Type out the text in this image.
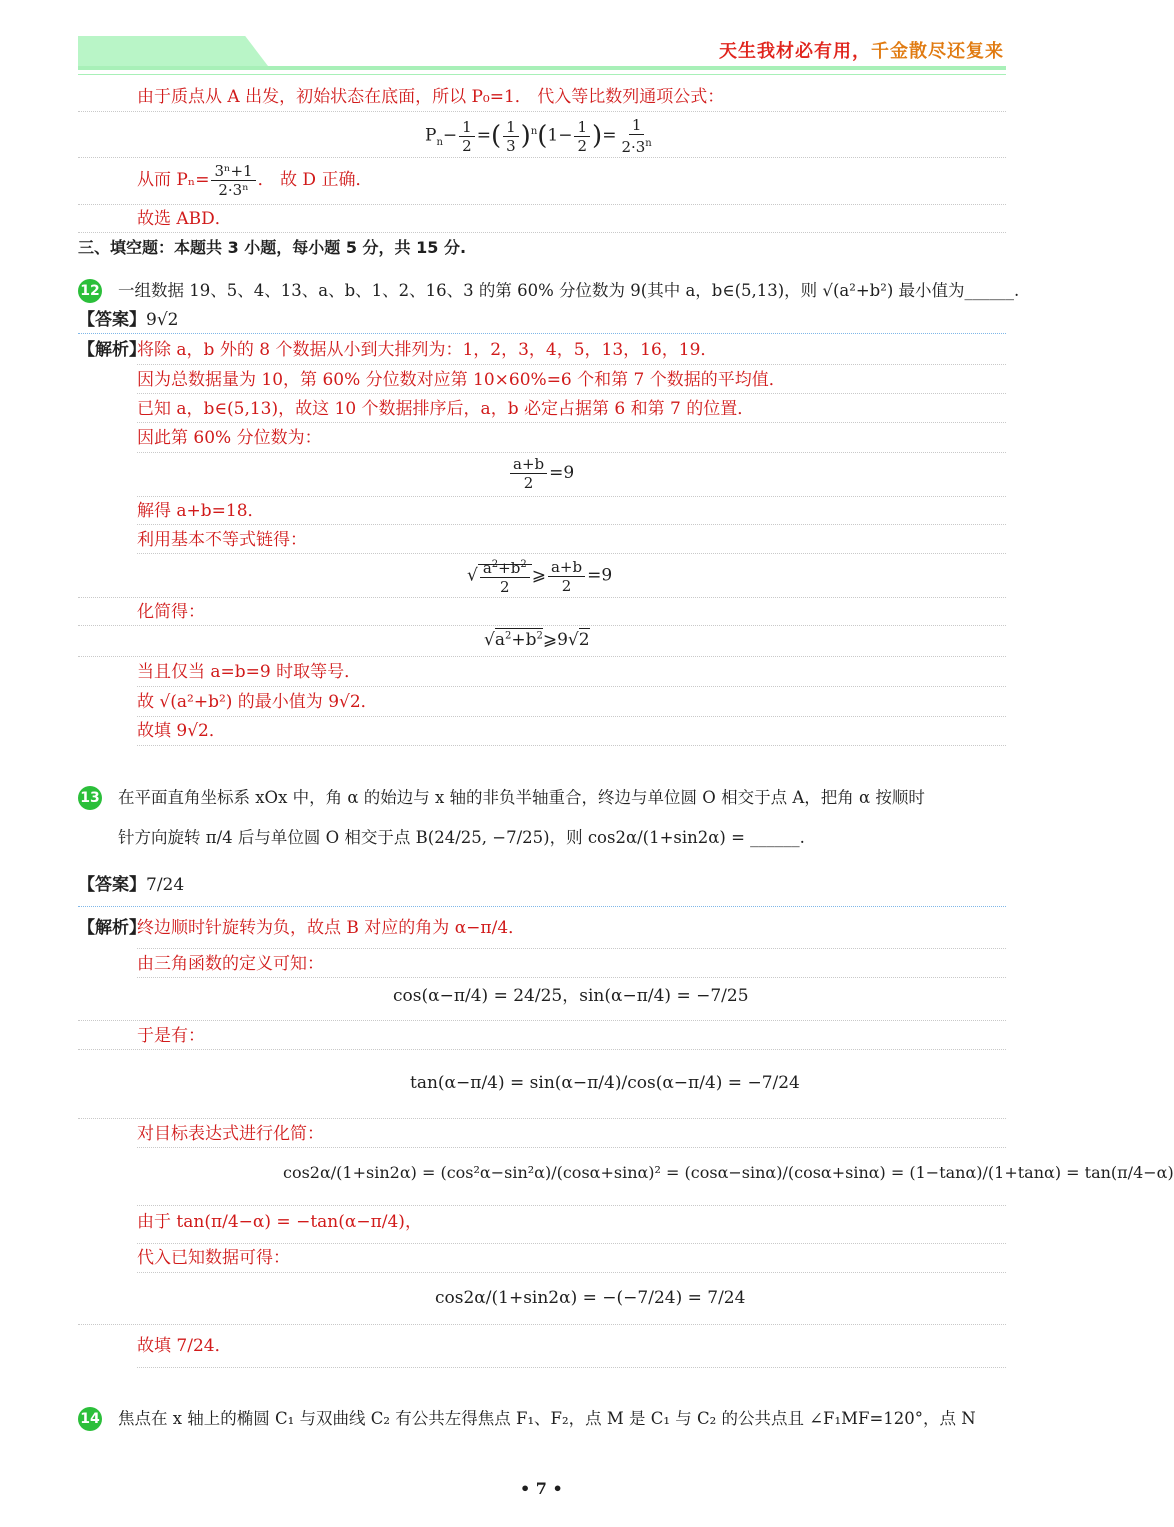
天生我材必有用，千金散尽还复来
由于质点从 A 出发，初始状态在底面，所以 P₀=1． 代入等比数列通项公式：
$P_n- \frac{1}{2}$ =( $\frac{1}{3} )^n(1- \frac{1}{2}$ )= $\frac{1}{2\cdot 3^n}$
从而 $P_n= \frac{\text{3ⁿ+1}}{\text{2·3ⁿ}}$ ． 故 D 正确．
故选 ABD．
三、填空题：本题共 3 小题，每小题 5 分，共 15 分.
12 一组数据 19、5、4、13、a、b、1、2、16、3 的第 60% 分位数为 9(其中 a，b∈(5,13)，则 √(a²+b²) 最小值为______.
【答案】9√2
【解析】
将除 a，b 外的 8 个数据从小到大排列为：1，2，3，4，5，13，16，19．
因为总数据量为 10，第 60% 分位数对应第 10×60%=6 个和第 7 个数据的平均值．
已知 a，b∈(5,13)，故这 10 个数据排序后，a，b 必定占据第 6 和第 7 的位置．
因此第 60% 分位数为：
$\frac{a+b}{2} =9$
解得 a+b=18．
利用基本不等式链得：
√ $\frac{a^2+b^2}{2}$ ⩾ $\frac{a+b}{2} =9$
化简得：
$√a^2+b^2⩾9√2$
当且仅当 a=b=9 时取等号．
故 √(a²+b²) 的最小值为 9√2．
故填 9√2．
13 在平面直角坐标系 xOx 中，角 α 的始边与 x 轴的非负半轴重合，终边与单位圆 O 相交于点 A，把角 α 按顺时
针方向旋转 π/4 后与单位圆 O 相交于点 B(24/25, −7/25)，则 cos2α/(1+sin2α) = ______.
【答案】7/24
【解析】
终边顺时针旋转为负，故点 B 对应的角为 α−π/4．
由三角函数的定义可知：
cos(α−π/4) = 24/25，sin(α−π/4) = −7/25
于是有：
tan(α−π/4) = sin(α−π/4)/cos(α−π/4) = −7/24
对目标表达式进行化简：
cos2α/(1+sin2α) = (cos²α−sin²α)/(cosα+sinα)² = (cosα−sinα)/(cosα+sinα) = (1−tanα)/(1+tanα) = tan(π/4−α)
由于 tan(π/4−α) = −tan(α−π/4)，
代入已知数据可得：
cos2α/(1+sin2α) = −(−7/24) = 7/24
故填 7/24．
14 焦点在 x 轴上的椭圆 C₁ 与双曲线 C₂ 有公共左得焦点 F₁、F₂，点 M 是 C₁ 与 C₂ 的公共点且 ∠F₁MF=120°，点 N
• 7 •
